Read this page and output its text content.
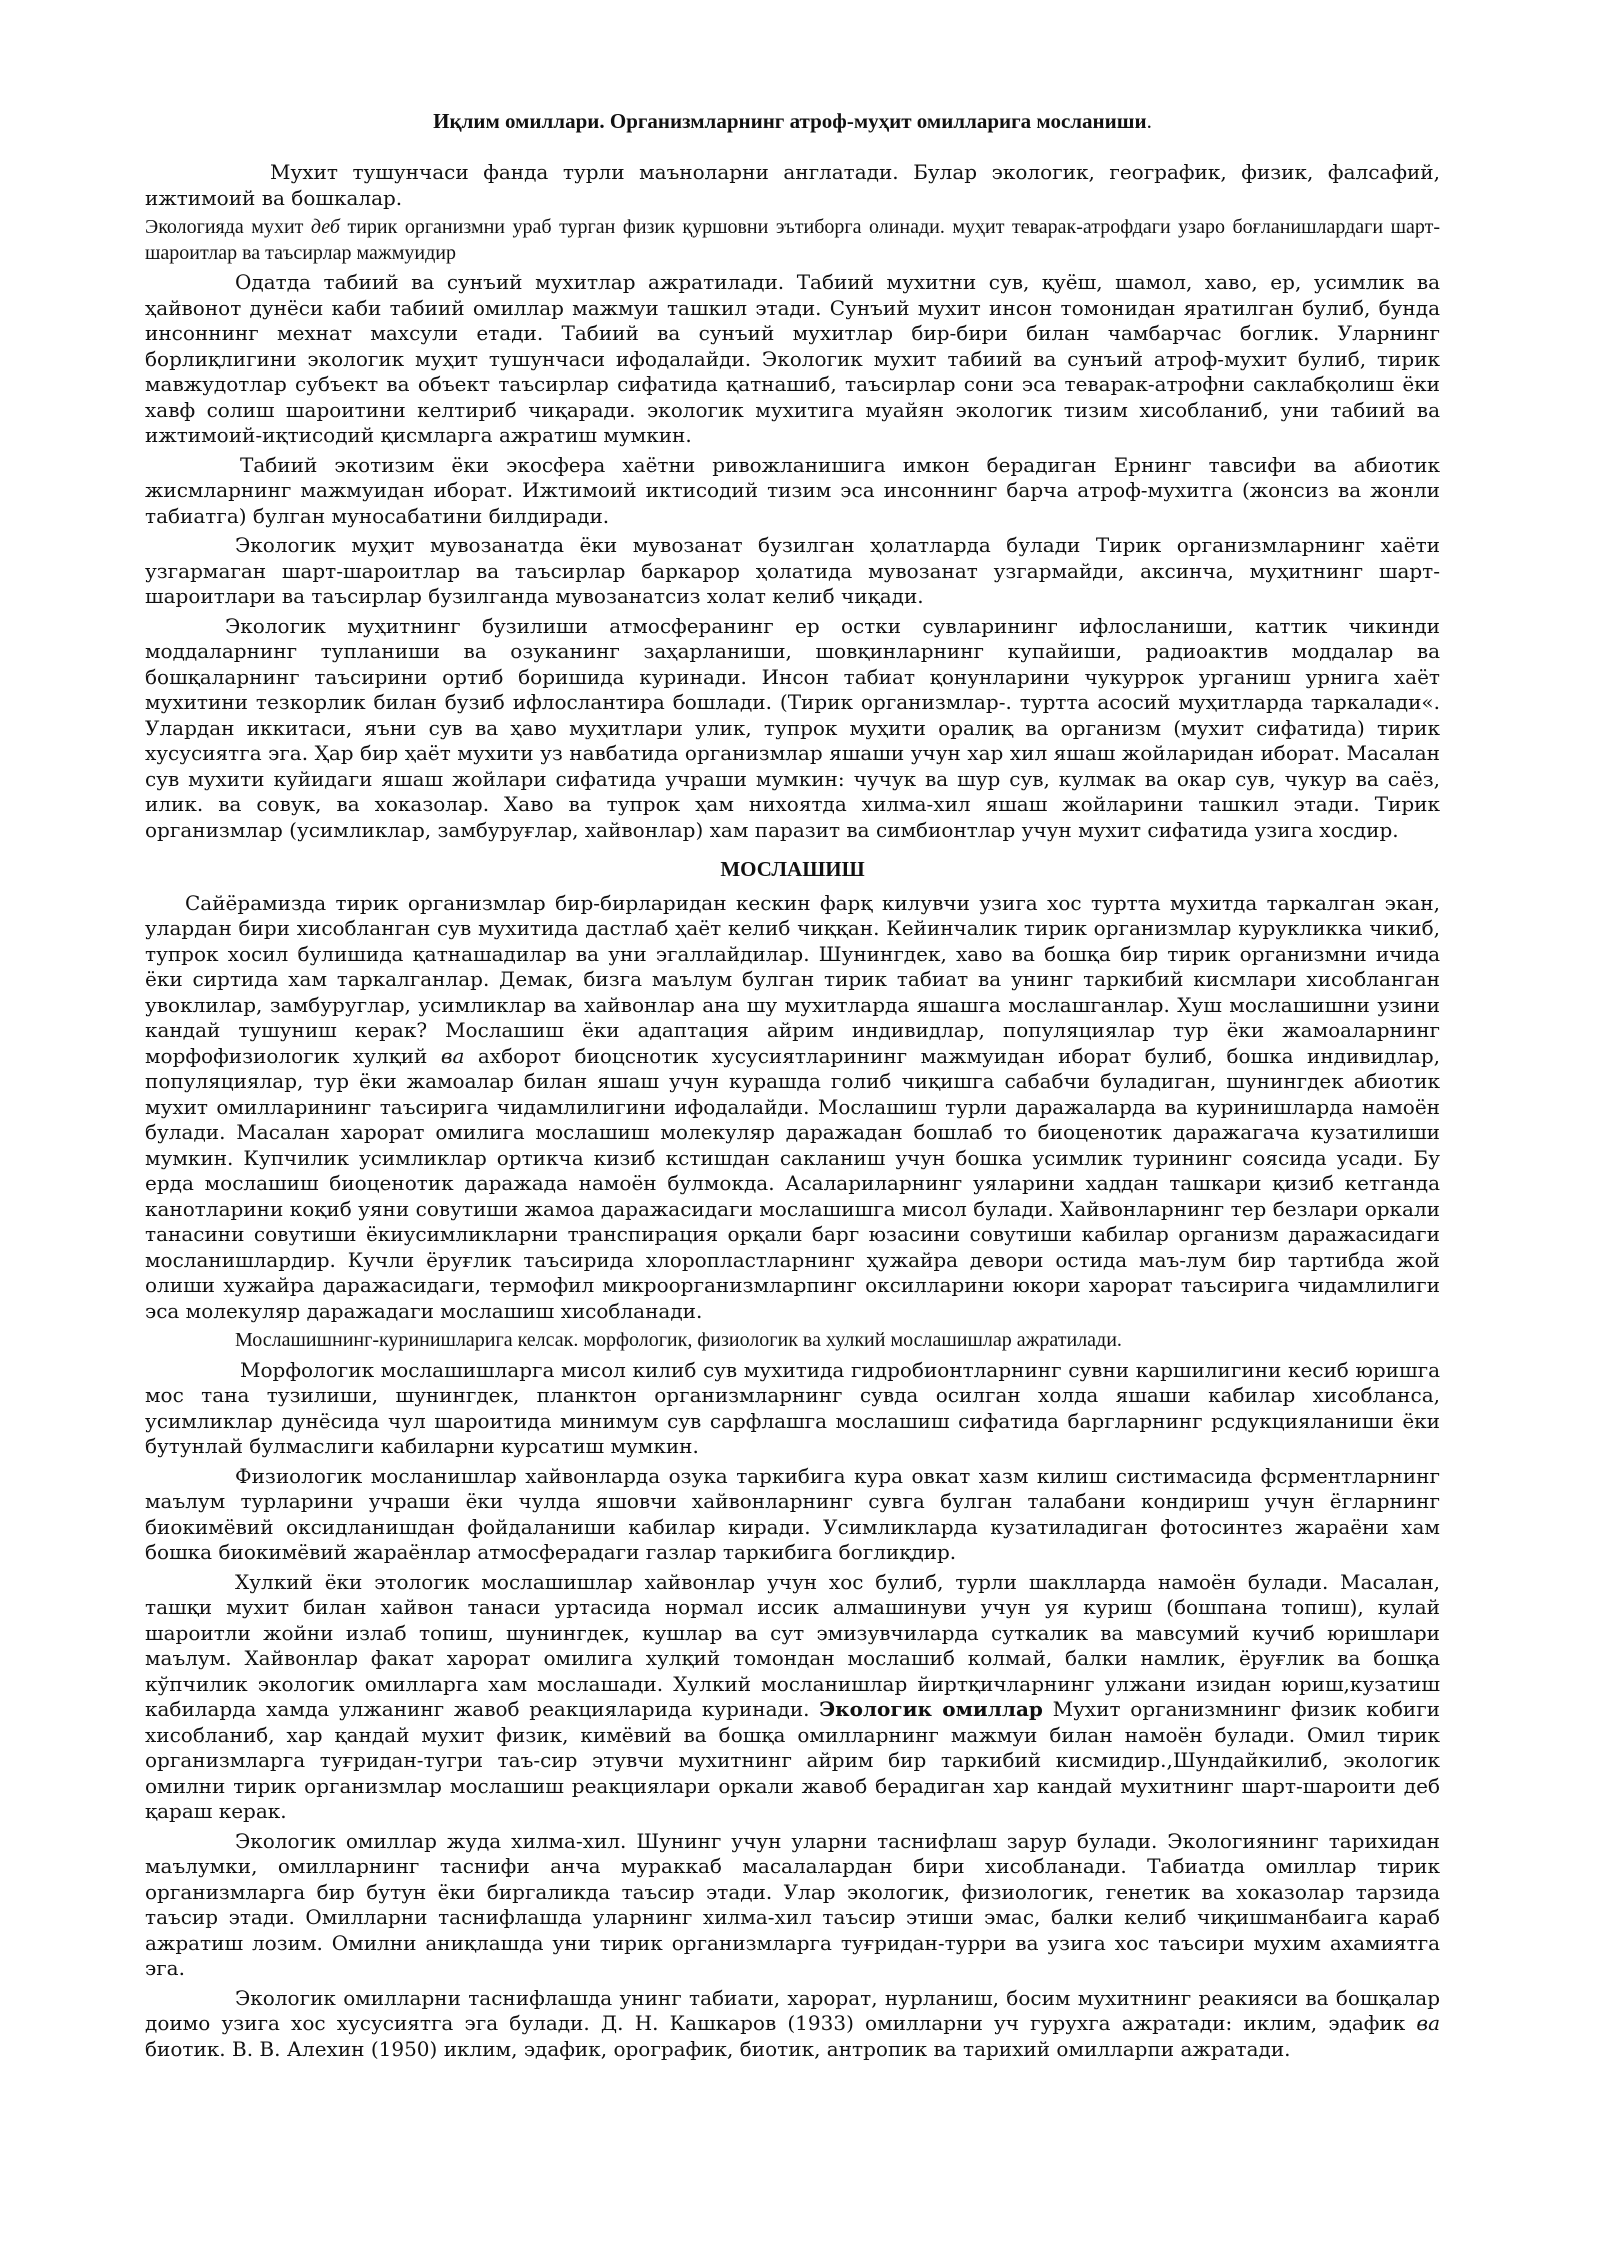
Иқлим омиллари. Организмларнинг атроф-муҳит омилларига мосланиши.

Мухит тушунчаси фанда турли маъноларни англатади. Булар экологик, географик, физик, фалсафий, ижтимоий ва бошкалар.

Экологияда мухит деб тирик организмни ураб турган физик қуршовни эътиборга олинади. муҳит теварак-атрофдаги узаро боғланишлардаги шарт-шароитлар ва таъсирлар мажмуидир

Одатда табиий ва сунъий мухитлар ажратилади. Табиий мухитни сув, қуёш, шамол, хаво, ер, усимлик ва ҳайвонот дунёси каби табиий омиллар мажмуи ташкил этади. Сунъий мухит инсон томонидан яратилган булиб, бунда инсоннинг мехнат махсули етади. Табиий ва сунъий мухитлар бир-бири билан чамбарчас боглик. Уларнинг борлиқлигини экологик муҳит тушунчаси ифодалайди. Экологик мухит табиий ва сунъий атроф-мухит булиб, тирик мавжудотлар субъект ва объект таъсирлар сифатида қатнашиб, таъсирлар сони эса теварак-атрофни саклабқолиш ёки хавф солиш шароитини келтириб чиқаради. экологик мухитига муайян экологик тизим хисобланиб, уни табиий ва ижтимоий-иқтисодий қисмларга ажратиш мумкин.

Табиий экотизим ёки экосфера хаётни ривожланишига имкон берадиган Ернинг тавсифи ва абиотик жисмларнинг мажмуидан иборат. Ижтимоий иктисодий тизим эса инсоннинг барча атроф-мухитга (жонсиз ва жонли табиатга) булган муносабатини билдиради.

Экологик муҳит мувозанатда ёки мувозанат бузилган ҳолатларда булади Тирик организмларнинг хаёти узгармаган шарт-шароитлар ва таъсирлар баркарор ҳолатида мувозанат узгармайди, аксинча, муҳитнинг шарт-шароитлари ва таъсирлар бузилганда мувозанатсиз холат келиб чиқади.

Экологик муҳитнинг бузилиши атмосферанинг ер остки сувларининг ифлосланиши, каттик чикинди моддаларнинг тупланиши ва озуканинг заҳарланиши, шовқинларнинг купайиши, радиоактив моддалар ва бошқаларнинг таъсирини ортиб боришида куринади. Инсон табиат қонунларини чукуррок урганиш урнига хаёт мухитини тезкорлик билан бузиб ифлослантира бошлади. (Тирик организмлар-. туртта асосий муҳитларда таркалади«. Улардан иккитаси, яъни сув ва ҳаво муҳитлари улик, тупрок муҳити оралиқ ва организм (мухит сифатида) тирик хусусиятга эга. Ҳар бир ҳаёт мухити уз навбатида организмлар яшаши учун хар хил яшаш жойларидан иборат. Масалан сув мухити куйидаги яшаш жойлари сифатида учраши мумкин: чучук ва шур сув, кулмак ва окар сув, чукур ва саёз, илик. ва совук, ва хоказолар. Хаво ва тупрок ҳам нихоятда хилма-хил яшаш жойларини ташкил этади. Тирик организмлар (усимликлар, замбуруғлар, хайвонлар) хам паразит ва симбионтлар учун мухит сифатида узига хосдир.

МОСЛАШИШ

Сайёрамизда тирик организмлар бир-бирларидан кескин фарқ килувчи узига хос туртта мухитда таркалган экан, улардан бири хисобланган сув мухитида дастлаб ҳаёт келиб чиққан. Кейинчалик тирик организмлар курукликка чикиб, тупрок хосил булишида қатнашадилар ва уни эгаллайдилар. Шунингдек, хаво ва бошқа бир тирик организмни ичида ёки сиртида хам таркалганлар. Демак, бизга маълум булган тирик табиат ва унинг таркибий кисмлари хисобланган увоклилар, замбуруглар, усимликлар ва хайвонлар ана шу мухитларда яшашга мослашганлар. Хуш мослашишни узини кандай тушуниш керак? Мослашиш ёки адаптация айрим индивидлар, популяциялар тур ёки жамоаларнинг морфофизиологик хулқий ва ахборот биоцснотик хусусиятларининг мажмуидан иборат булиб, бошка индивидлар, популяциялар, тур ёки жамоалар билан яшаш учун курашда голиб чиқишга сабабчи буладиган, шунингдек абиотик мухит омилларининг таъсирига чидамлилигини ифодалайди. Мослашиш турли даражаларда ва куринишларда намоён булади. Масалан харорат омилига мослашиш молекуляр даражадан бошлаб то биоценотик даражагача кузатилиши мумкин. Купчилик усимликлар ортикча кизиб кстишдан сакланиш учун бошка усимлик турининг соясида усади. Бу ерда мослашиш биоценотик даражада намоён булмокда. Асалариларнинг уяларини хаддан ташкари қизиб кетганда канотларини коқиб уяни совутиши жамоа даражасидаги мослашишга мисол булади. Хайвонларнинг тер безлари оркали танасини совутиши ёкиусимликларни транспирация орқали барг юзасини совутиши кабилар организм даражасидаги мосланишлардир. Кучли ёруғлик таъсирида хлоропластларнинг ҳужайра девори остида маъ-лум бир тартибда жой олиши хужайра даражасидаги, термофил микроорганизмларпинг оксилларини юкори харорат таъсирига чидамлилиги эса молекуляр даражадаги мослашиш хисобланади.

Мослашишнинг-куринишларига келсак. морфологик, физиологик ва хулкий мослашишлар ажратилади.

Морфологик мослашишларга мисол килиб сув мухитида гидробионтларнинг сувни каршилигини кесиб юришга мос тана тузилиши, шунингдек, планктон организмларнинг сувда осилган холда яшаши кабилар хисобланса, усимликлар дунёсида чул шароитида минимум сув сарфлашга мослашиш сифатида баргларнинг рсдукцияланиши ёки бутунлай булмаслиги кабиларни курсатиш мумкин.

Физиологик мосланишлар хайвонларда озука таркибига кура овкат хазм килиш систимасида фсрментларнинг маълум турларини учраши ёки чулда яшовчи хайвонларнинг сувга булган талабани кондириш учун ёгларнинг биокимёвий оксидланишдан фойдаланиши кабилар киради. Усимликларда кузатиладиган фотосинтез жараёни хам бошка биокимёвий жараёнлар атмосферадаги газлар таркибига боглиқдир.

Хулкий ёки этологик мослашишлар хайвонлар учун хос булиб, турли шаклларда намоён булади. Масалан, ташқи мухит билан хайвон танаси уртасида нормал иссик алмашинуви учун уя куриш (бошпана топиш), кулай шароитли жойни излаб топиш, шунингдек, кушлар ва сут эмизувчиларда суткалик ва мавсумий кучиб юришлари маълум. Хайвонлар факат харорат омилига хулқий томондан мослашиб колмай, балки намлик, ёруғлик ва бошқа кўпчилик экологик омилларга хам мослашади. Хулкий мосланишлар йиртқичларнинг улжани изидан юриш,кузатиш кабиларда хамда улжанинг жавоб реакцияларида куринади. Экологик омиллар Мухит организмнинг физик кобиги хисобланиб, хар қандай мухит физик, кимёвий ва бошқа омилларнинг мажмуи билан намоён булади. Омил тирик организмларга туғридан-тугри таъ-сир этувчи мухитнинг айрим бир таркибий кисмидир.,Шундайкилиб, экологик омилни тирик организмлар мослашиш реакциялари оркали жавоб берадиган хар кандай мухитнинг шарт-шароити деб қараш керак.

Экологик омиллар жуда хилма-хил. Шунинг учун уларни таснифлаш зарур булади. Экологиянинг тарихидан маълумки, омилларнинг таснифи анча мураккаб масалалардан бири хисобланади. Табиатда омиллар тирик организмларга бир бутун ёки биргаликда таъсир этади. Улар экологик, физиологик, генетик ва хоказолар тарзида таъсир этади. Омилларни таснифлашда уларнинг хилма-хил таъсир этиши эмас, балки келиб чиқишманбаига караб ажратиш лозим. Омилни аниқлашда уни тирик организмларга туғридан-турри ва узига хос таъсири мухим ахамиятга эга.

Экологик омилларни таснифлашда унинг табиати, харорат, нурланиш, босим мухитнинг реакияси ва бошқалар доимо узига хос хусусиятга эга булади. Д. Н. Кашкаров (1933) омилларни уч гурухга ажратади: иклим, эдафик ва биотик. В. В. Алехин (1950) иклим, эдафик, орографик, биотик, антропик ва тарихий омилларпи ажратади.
